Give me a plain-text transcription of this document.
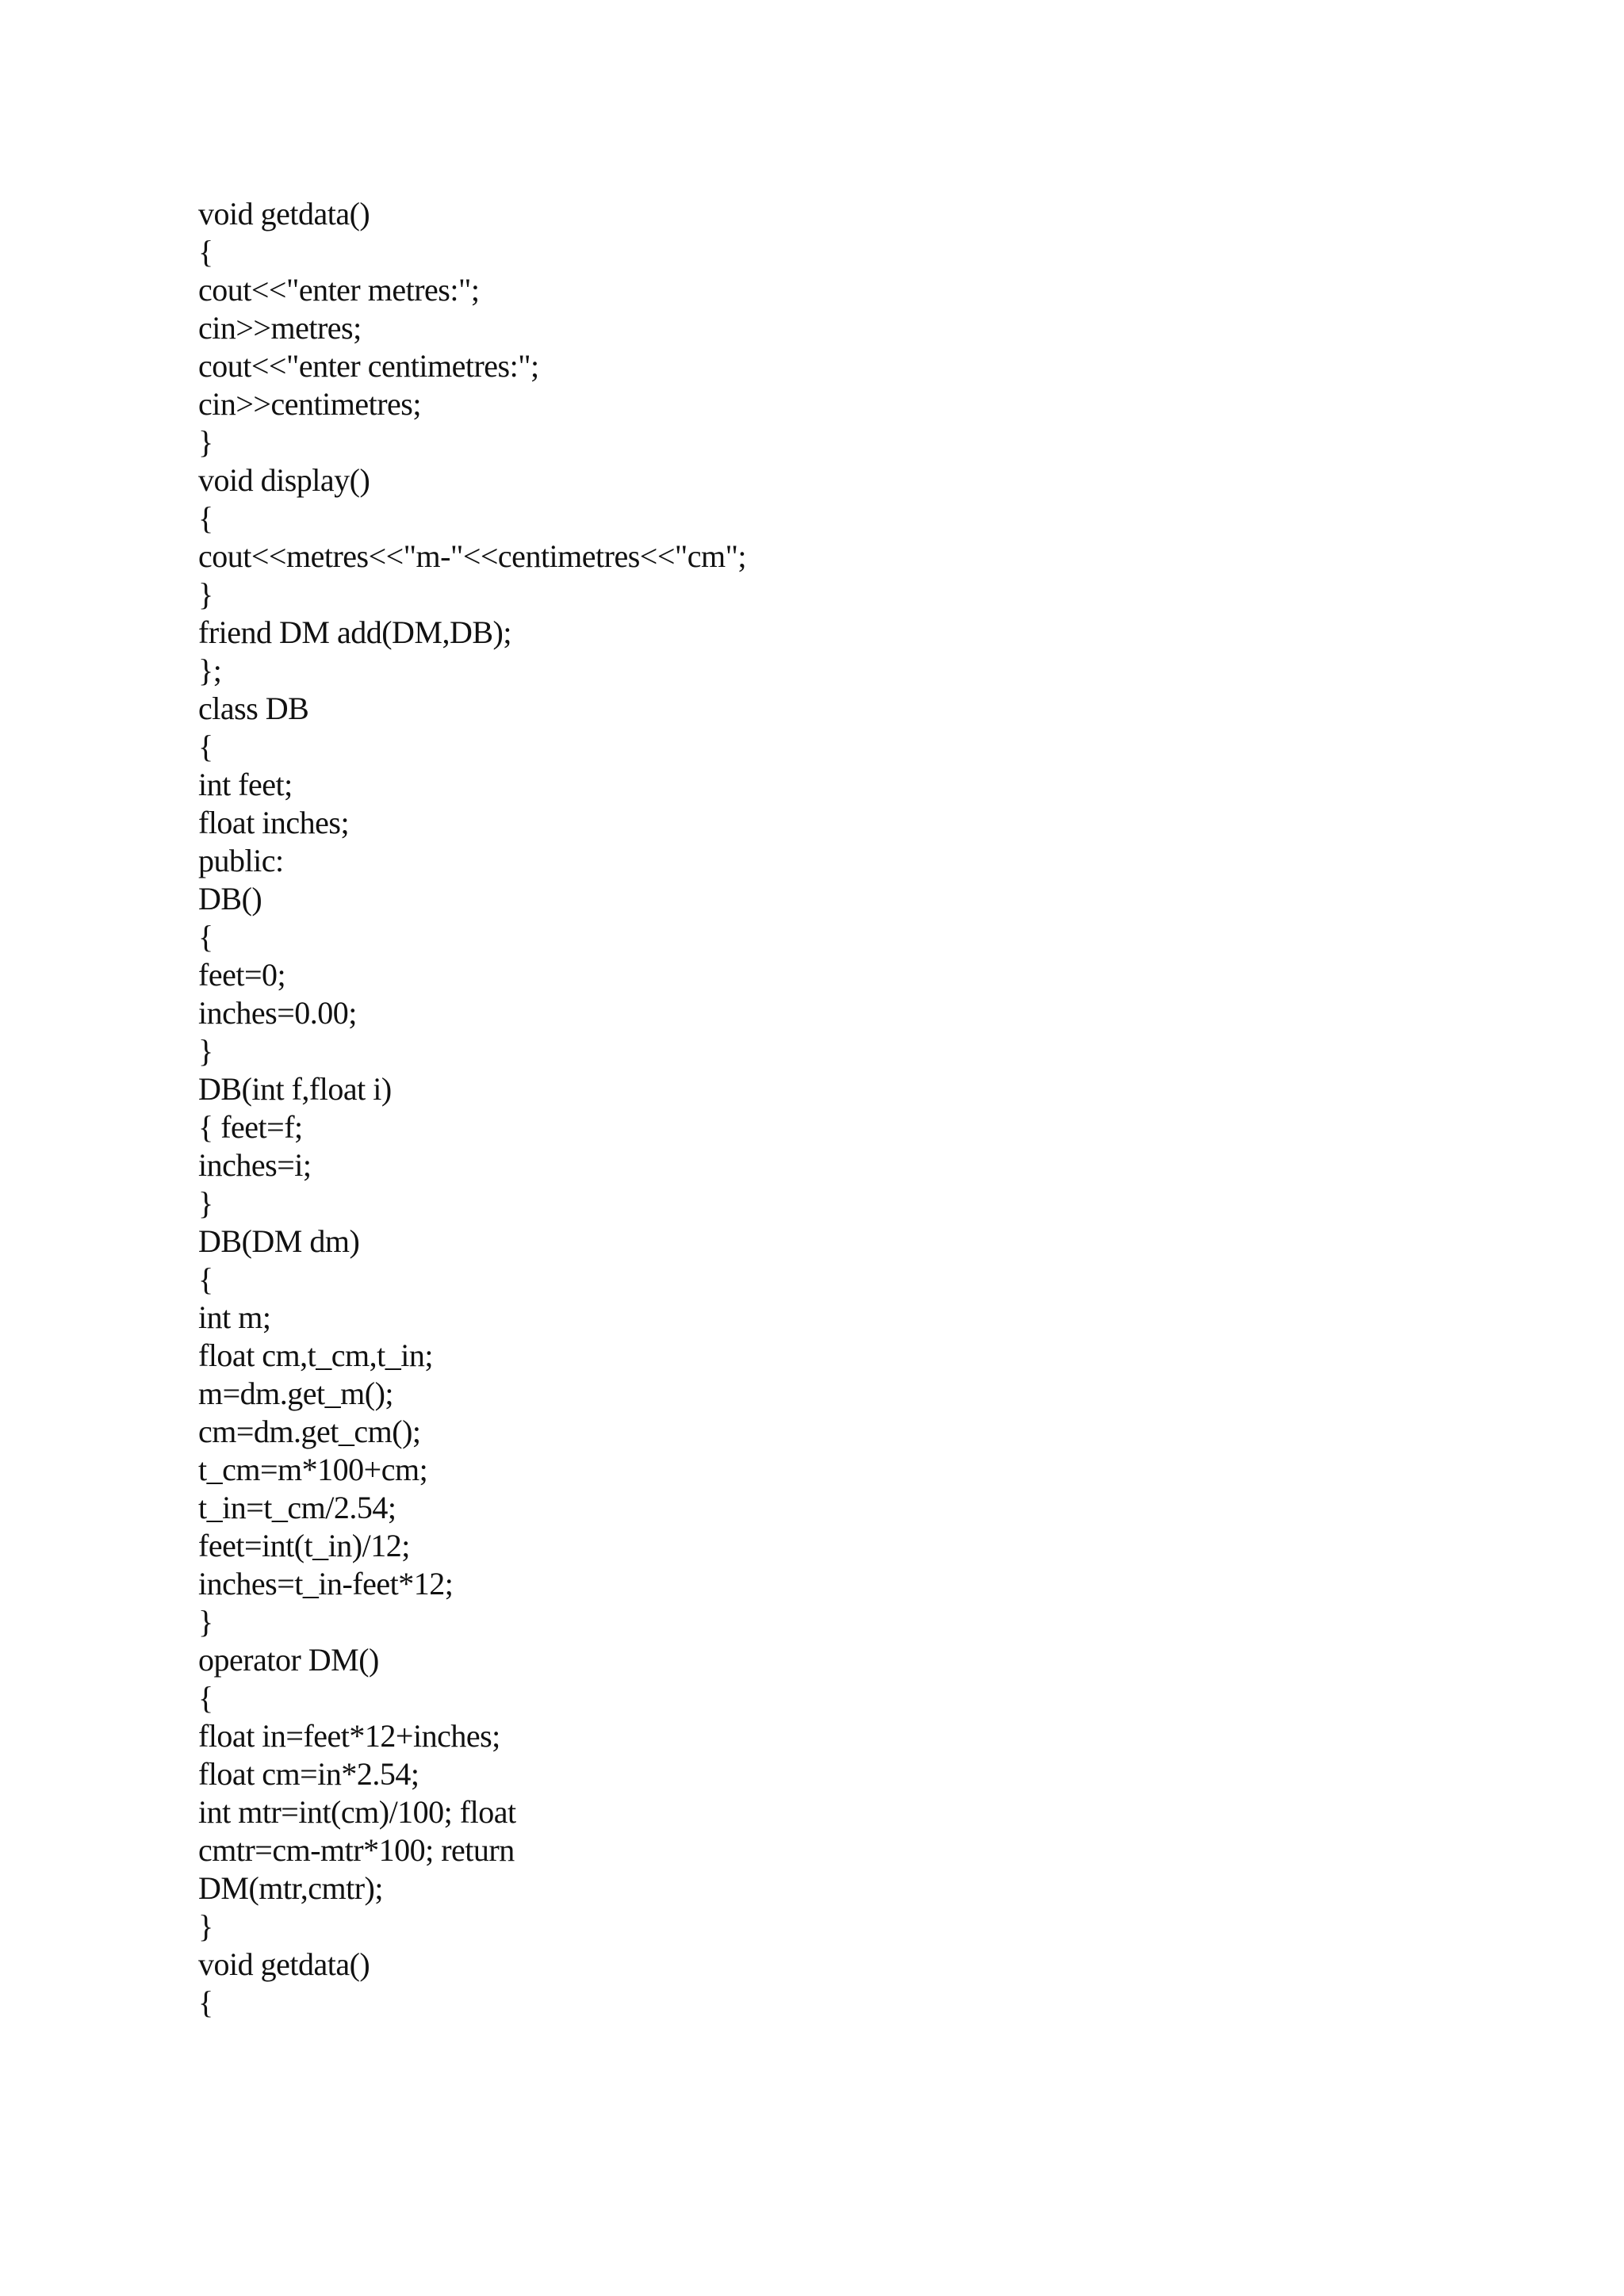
void getdata()
{
cout<<"enter metres:";
cin>>metres;
cout<<"enter centimetres:";
cin>>centimetres;
}
void display()
{
cout<<metres<<"m-"<<centimetres<<"cm";
}
friend DM add(DM,DB);
};
class DB
{
int feet;
float inches;
public:
DB()
{
feet=0;
inches=0.00;
}
DB(int f,float i)
{ feet=f;
inches=i;
}
DB(DM dm)
{
int m;
float cm,t_cm,t_in;
m=dm.get_m();
cm=dm.get_cm();
t_cm=m*100+cm;
t_in=t_cm/2.54;
feet=int(t_in)/12;
inches=t_in-feet*12;
}
operator DM()
{
float in=feet*12+inches;
float cm=in*2.54;
int mtr=int(cm)/100; float
cmtr=cm-mtr*100; return
DM(mtr,cmtr);
}
void getdata()
{
